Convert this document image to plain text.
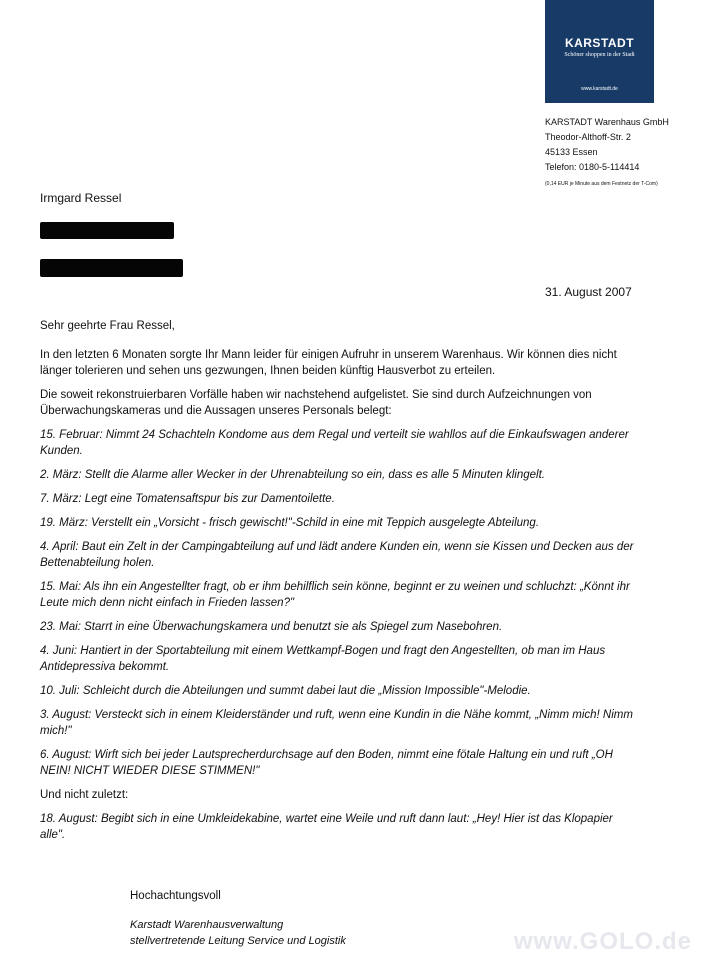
KARSTADT
Schöner shoppen in der Stadt
www.karstadt.de
KARSTADT Warenhaus GmbH
Theodor-Althoff-Str. 2
45133 Essen
Telefon: 0180-5-114414
(0,14 EUR je Minute aus dem Festnetz der T-Com)
Irmgard Ressel
31. August 2007

Sehr geehrte Frau Ressel,

In den letzten 6 Monaten sorgte Ihr Mann leider für einigen Aufruhr in unserem Warenhaus. Wir können dies nicht länger tolerieren und sehen uns gezwungen, Ihnen beiden künftig Hausverbot zu erteilen.

Die soweit rekonstruierbaren Vorfälle haben wir nachstehend aufgelistet. Sie sind durch Aufzeichnungen von Überwachungskameras und die Aussagen unseres Personals belegt:

15. Februar: Nimmt 24 Schachteln Kondome aus dem Regal und verteilt sie wahllos auf die Einkaufswagen anderer Kunden.

2. März: Stellt die Alarme aller Wecker in der Uhrenabteilung so ein, dass es alle 5 Minuten klingelt.

7. März: Legt eine Tomatensaftspur bis zur Damentoilette.

19. März: Verstellt ein „Vorsicht - frisch gewischt!"-Schild in eine mit Teppich ausgelegte Abteilung.

4. April: Baut ein Zelt in der Campingabteilung auf und lädt andere Kunden ein, wenn sie Kissen und Decken aus der Bettenabteilung holen.

15. Mai: Als ihn ein Angestellter fragt, ob er ihm behilflich sein könne, beginnt er zu weinen und schluchzt: „Könnt ihr Leute mich denn nicht einfach in Frieden lassen?"

23. Mai: Starrt in eine Überwachungskamera und benutzt sie als Spiegel zum Nasebohren.

4. Juni: Hantiert in der Sportabteilung mit einem Wettkampf-Bogen und fragt den Angestellten, ob man im Haus Antidepressiva bekommt.

10. Juli: Schleicht durch die Abteilungen und summt dabei laut die „Mission Impossible"-Melodie.

3. August: Versteckt sich in einem Kleiderständer und ruft, wenn eine Kundin in die Nähe kommt, „Nimm mich! Nimm mich!"

6. August: Wirft sich bei jeder Lautsprecherdurchsage auf den Boden, nimmt eine fötale Haltung ein und ruft „OH NEIN! NICHT WIEDER DIESE STIMMEN!"

Und nicht zuletzt:

18. August: Begibt sich in eine Umkleidekabine, wartet eine Weile und ruft dann laut: „Hey! Hier ist das Klopapier alle".

Hochachtungsvoll
Karstadt Warenhausverwaltung
stellvertretende Leitung Service und Logistik	www.GOLO.de
